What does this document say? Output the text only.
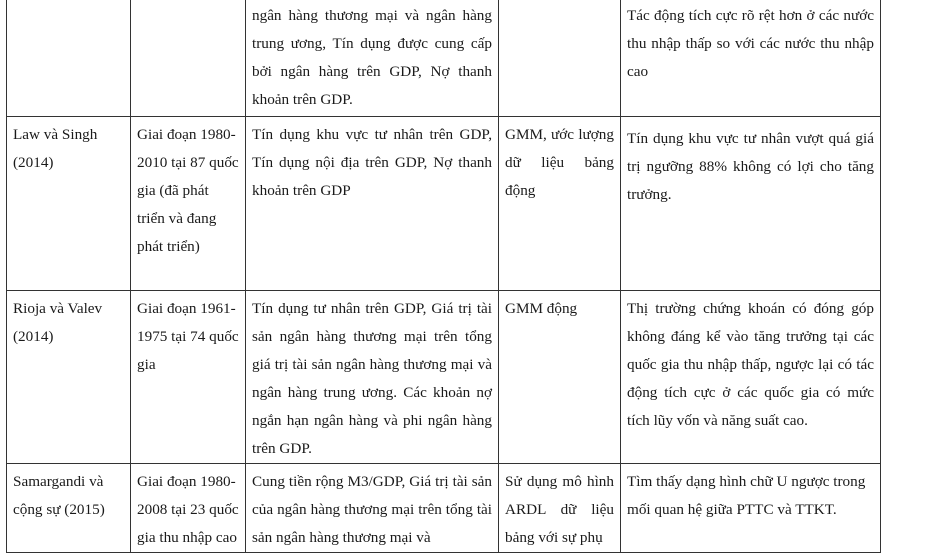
		ngân hàng thương mại và ngân hàng trung ương, Tín dụng được cung cấp bởi ngân hàng trên GDP, Nợ thanh khoản trên GDP.		Tác động tích cực rõ rệt hơn ở các nước thu nhập thấp so với các nước thu nhập cao
Law và Singh (2014)	Giai đoạn 1980-2010 tại 87 quốc gia (đã phát triển và đang phát triển)	Tín dụng khu vực tư nhân trên GDP, Tín dụng nội địa trên GDP, Nợ thanh khoản trên GDP	GMM, ước lượng dữ liệu bảng động	Tín dụng khu vực tư nhân vượt quá giá trị ngưỡng 88% không có lợi cho tăng trưởng.
Rioja và Valev (2014)	Giai đoạn 1961-1975 tại 74 quốc gia	Tín dụng tư nhân trên GDP, Giá trị tài sản ngân hàng thương mại trên tổng giá trị tài sản ngân hàng thương mại và ngân hàng trung ương. Các khoản nợ ngắn hạn ngân hàng và phi ngân hàng trên GDP.	GMM động	Thị trường chứng khoán có đóng góp không đáng kể vào tăng trưởng tại các quốc gia thu nhập thấp, ngược lại có tác động tích cực ở các quốc gia có mức tích lũy vốn và năng suất cao.
Samargandi và cộng sự (2015)	Giai đoạn 1980-2008 tại 23 quốc gia thu nhập cao	Cung tiền rộng M3/GDP, Giá trị tài sản của ngân hàng thương mại trên tổng tài sản ngân hàng thương mại và	Sử dụng mô hình ARDL dữ liệu bảng với sự phụ	Tìm thấy dạng hình chữ U ngược trong mối quan hệ giữa PTTC và TTKT.
